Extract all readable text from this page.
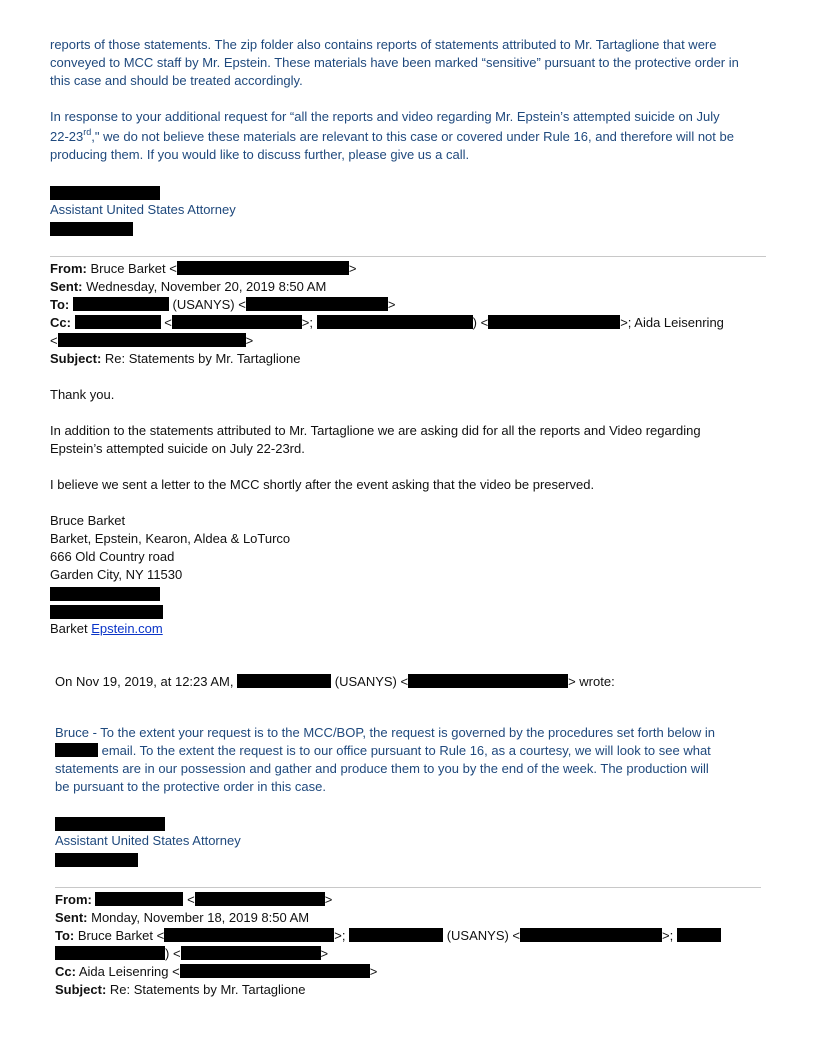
reports of those statements. The zip folder also contains reports of statements attributed to Mr. Tartaglione that were
conveyed to MCC staff by Mr. Epstein. These materials have been marked “sensitive” pursuant to the protective order in
this case and should be treated accordingly.
In response to your additional request for “all the reports and video regarding Mr. Epstein’s attempted suicide on July
22-23rd," we do not believe these materials are relevant to this case or covered under Rule 16, and therefore will not be
producing them. If you would like to discuss further, please give us a call.
Assistant United States Attorney
From: Bruce Barket <	>
Sent: Wednesday, November 20, 2019 8:50 AM
To:	(USANYS) <	>
Cc:	<	>;	) <	>; Aida Leisenring
<	>
Subject: Re: Statements by Mr. Tartaglione
Thank you.
In addition to the statements attributed to Mr. Tartaglione we are asking did for all the reports and Video regarding
Epstein’s attempted suicide on July 22-23rd.
I believe we sent a letter to the MCC shortly after the event asking that the video be preserved.
Bruce Barket
Barket, Epstein, Kearon, Aldea & LoTurco
666 Old Country road
Garden City, NY 11530
Barket Epstein.com
On Nov 19, 2019, at 12:23 AM,	(USANYS) <	> wrote:
Bruce - To the extent your request is to the MCC/BOP, the request is governed by the procedures set forth below in
email. To the extent the request is to our office pursuant to Rule 16, as a courtesy, we will look to see what
statements are in our possession and gather and produce them to you by the end of the week. The production will
be pursuant to the protective order in this case.
Assistant United States Attorney
From:	<	>
Sent: Monday, November 18, 2019 8:50 AM
To: Bruce Barket <	>;	(USANYS) <	>;
) <	>
Cc: Aida Leisenring <	>
Subject: Re: Statements by Mr. Tartaglione
